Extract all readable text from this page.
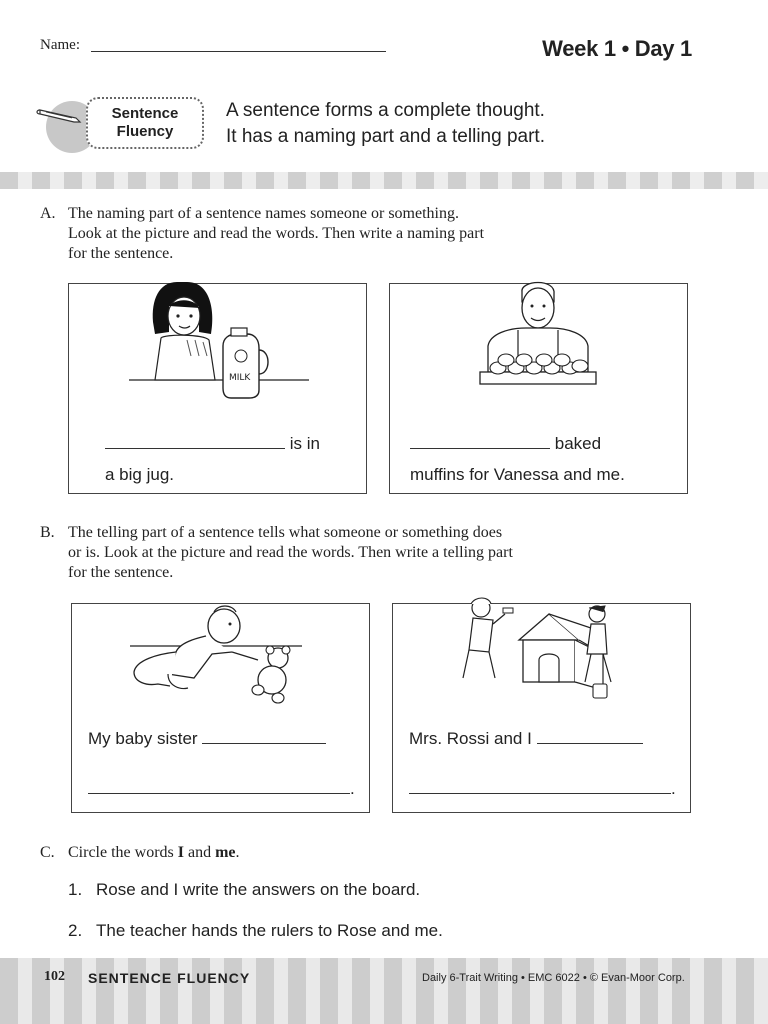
Name:	Week 1 • Day 1
Sentence
Fluency
A sentence forms a complete thought.
It has a naming part and a telling part.
A. The naming part of a sentence names someone or something.
Look at the picture and read the words. Then write a naming part
for the sentence.
MILK
is in
a big jug.
baked
muffins for Vanessa and me.
B. The telling part of a sentence tells what someone or something does
or is. Look at the picture and read the words. Then write a telling part
for the sentence.
My baby sister
.
Mrs. Rossi and I
.
C. Circle the words I and me.
1. Rose and I write the answers on the board.
2. The teacher hands the rulers to Rose and me.
102 SENTENCE FLUENCY	Daily 6-Trait Writing • EMC 6022 • © Evan-Moor Corp.
